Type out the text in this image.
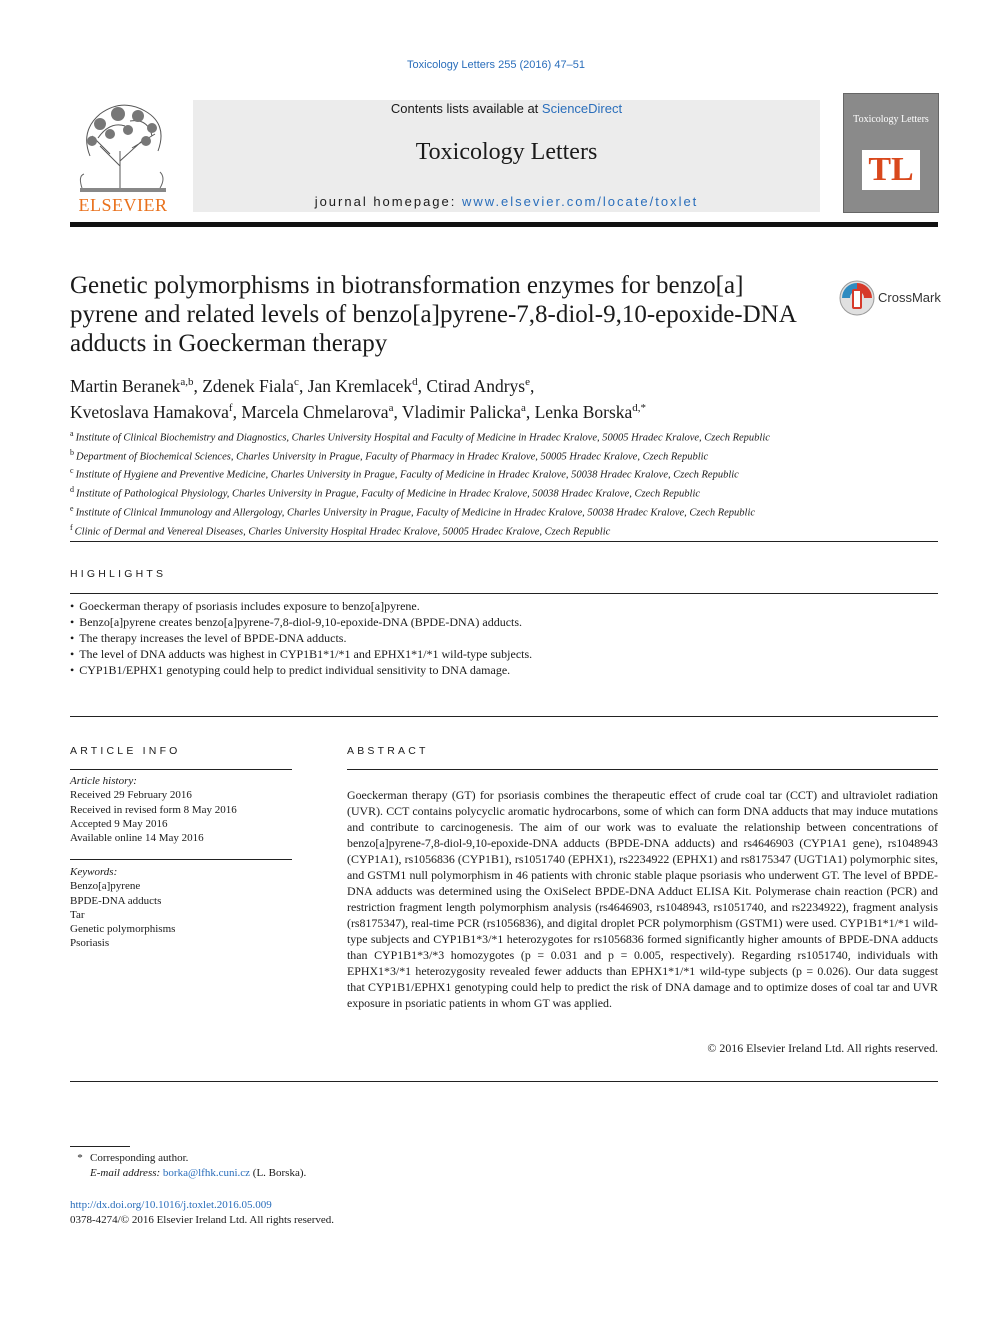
Toxicology Letters 255 (2016) 47–51
ELSEVIER
Contents lists available at ScienceDirect
Toxicology Letters
journal homepage: www.elsevier.com/locate/toxlet
Toxicology Letters
TL
Genetic polymorphisms in biotransformation enzymes for benzo[a] pyrene and related levels of benzo[a]pyrene-7,8-diol-9,10-epoxide-DNA adducts in Goeckerman therapy
CrossMark
Martin Beranek$^{a,b}$, Zdenek Fiala$^c$, Jan Kremlacek$^d$, Ctirad Andrys$^e$,
Kvetoslava Hamakova$^f$, Marcela Chmelarova$^a$, Vladimir Palicka$^a$, Lenka Borska$^{d,*}$
$^a$ Institute of Clinical Biochemistry and Diagnostics, Charles University Hospital and Faculty of Medicine in Hradec Kralove, 50005 Hradec Kralove, Czech Republic
$^b$ Department of Biochemical Sciences, Charles University in Prague, Faculty of Pharmacy in Hradec Kralove, 50005 Hradec Kralove, Czech Republic
$^c$ Institute of Hygiene and Preventive Medicine, Charles University in Prague, Faculty of Medicine in Hradec Kralove, 50038 Hradec Kralove, Czech Republic
$^d$ Institute of Pathological Physiology, Charles University in Prague, Faculty of Medicine in Hradec Kralove, 50038 Hradec Kralove, Czech Republic
$^e$ Institute of Clinical Immunology and Allergology, Charles University in Prague, Faculty of Medicine in Hradec Kralove, 50038 Hradec Kralove, Czech Republic
$^f$ Clinic of Dermal and Venereal Diseases, Charles University Hospital Hradec Kralove, 50005 Hradec Kralove, Czech Republic
HIGHLIGHTS
• Goeckerman therapy of psoriasis includes exposure to benzo[a]pyrene.
• Benzo[a]pyrene creates benzo[a]pyrene-7,8-diol-9,10-epoxide-DNA (BPDE-DNA) adducts.
• The therapy increases the level of BPDE-DNA adducts.
• The level of DNA adducts was highest in CYP1B1*1/*1 and EPHX1*1/*1 wild-type subjects.
• CYP1B1/EPHX1 genotyping could help to predict individual sensitivity to DNA damage.
ARTICLE INFO
Article history:
Received 29 February 2016
Received in revised form 8 May 2016
Accepted 9 May 2016
Available online 14 May 2016
Keywords:
Benzo[a]pyrene
BPDE-DNA adducts
Tar
Genetic polymorphisms
Psoriasis
ABSTRACT
Goeckerman therapy (GT) for psoriasis combines the therapeutic effect of crude coal tar (CCT) and ultraviolet radiation (UVR). CCT contains polycyclic aromatic hydrocarbons, some of which can form DNA adducts that may induce mutations and contribute to carcinogenesis. The aim of our work was to evaluate the relationship between concentrations of benzo[a]pyrene-7,8-diol-9,10-epoxide-DNA adducts (BPDE-DNA adducts) and rs4646903 (CYP1A1 gene), rs1048943 (CYP1A1), rs1056836 (CYP1B1), rs1051740 (EPHX1), rs2234922 (EPHX1) and rs8175347 (UGT1A1) polymorphic sites, and GSTM1 null polymorphism in 46 patients with chronic stable plaque psoriasis who underwent GT. The level of BPDE-DNA adducts was determined using the OxiSelect BPDE-DNA Adduct ELISA Kit. Polymerase chain reaction (PCR) and restriction fragment length polymorphism analysis (rs4646903, rs1048943, rs1051740, and rs2234922), fragment analysis (rs8175347), real-time PCR (rs1056836), and digital droplet PCR polymorphism (GSTM1) were used. CYP1B1*1/*1 wild-type subjects and CYP1B1*3/*1 heterozygotes for rs1056836 formed significantly higher amounts of BPDE-DNA adducts than CYP1B1*3/*3 homozygotes (p = 0.031 and p = 0.005, respectively). Regarding rs1051740, individuals with EPHX1*3/*1 heterozygosity revealed fewer adducts than EPHX1*1/*1 wild-type subjects (p = 0.026). Our data suggest that CYP1B1/EPHX1 genotyping could help to predict the risk of DNA damage and to optimize doses of coal tar and UVR exposure in psoriatic patients in whom GT was applied.
© 2016 Elsevier Ireland Ltd. All rights reserved.
* Corresponding author.
E-mail address: borka@lfhk.cuni.cz (L. Borska).
http://dx.doi.org/10.1016/j.toxlet.2016.05.009
0378-4274/© 2016 Elsevier Ireland Ltd. All rights reserved.
